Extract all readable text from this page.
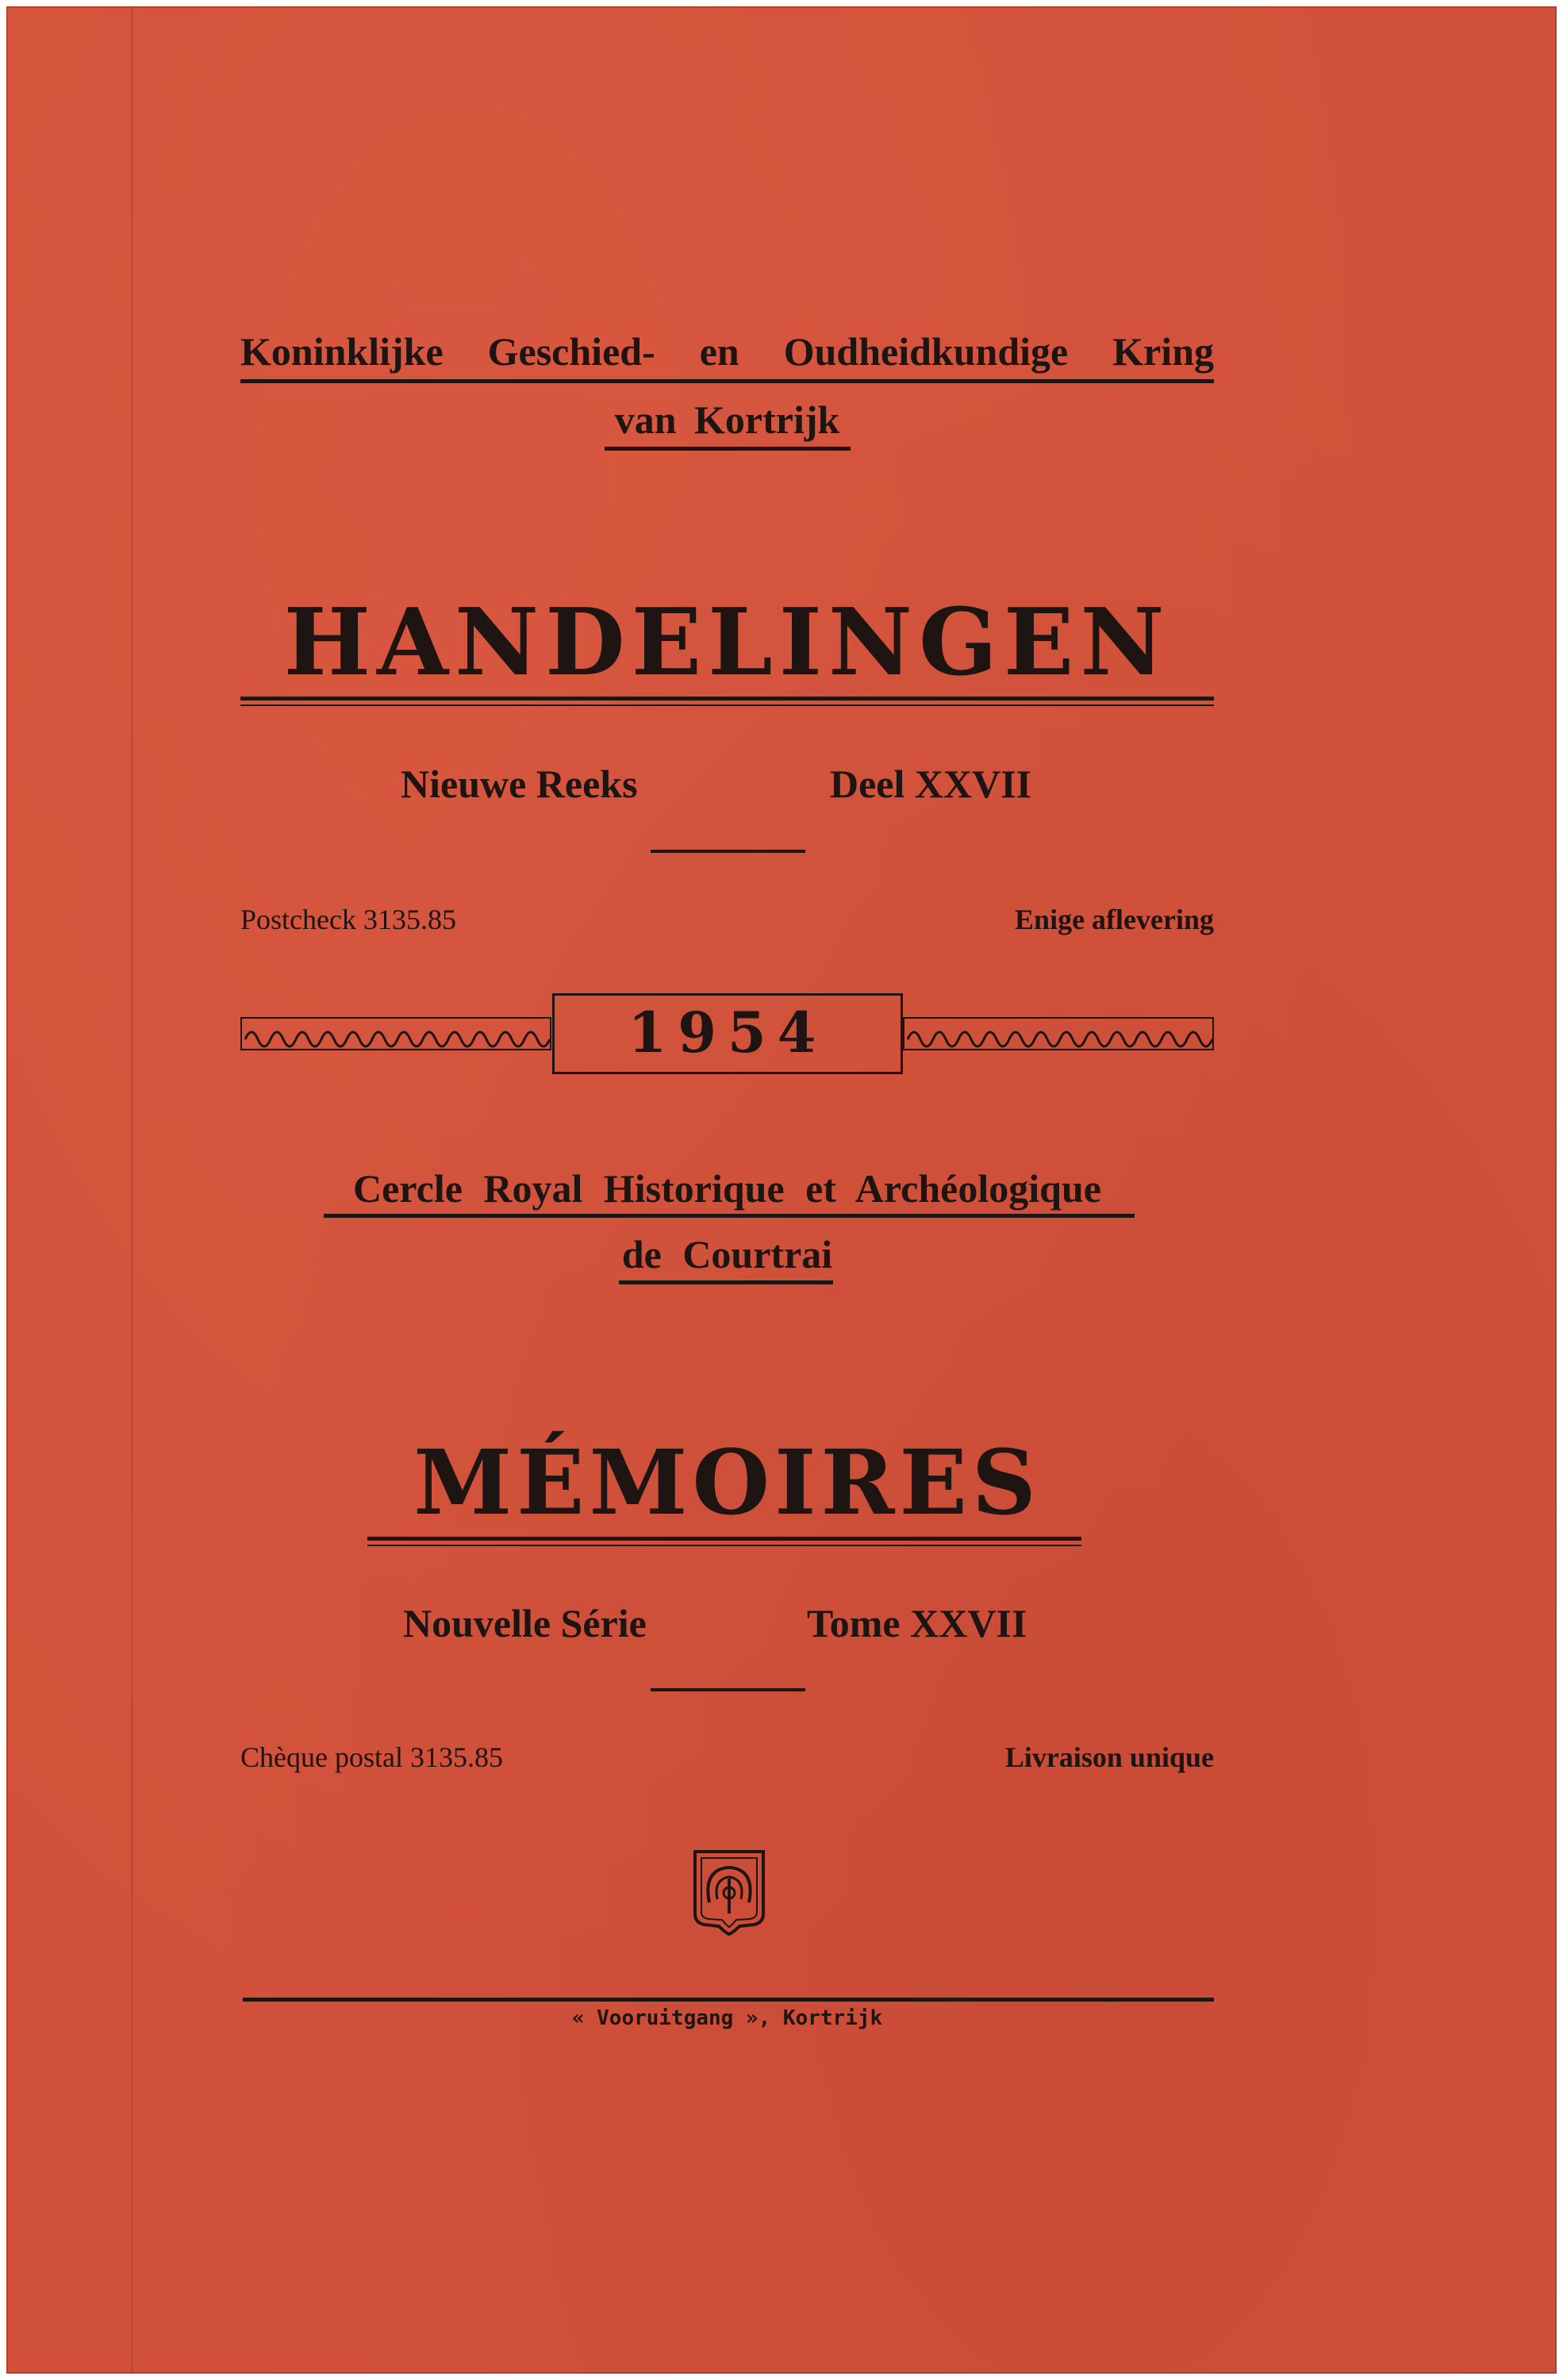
Koninklijke Geschied- en Oudheidkundige Kring
van Kortrijk
HANDELINGEN
Nieuwe Reeks	Deel XXVII
Postcheck 3135.85	Enige aflevering
1954
Cercle Royal Historique et Archéologique
de Courtrai
MÉMOIRES
Nouvelle Série	Tome XXVII
Chèque postal 3135.85	Livraison unique
« Vooruitgang », Kortrijk
